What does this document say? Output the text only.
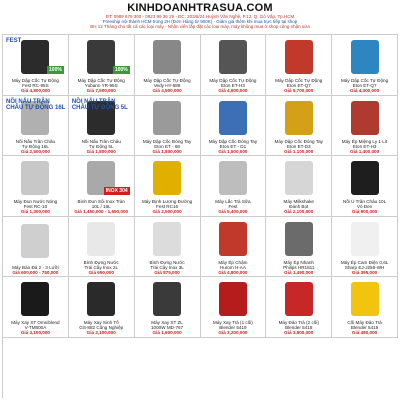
KINHDOANHTRASUA.COM
ĐT: 0989 679 300 - 0923 99 36 29 - ĐC: 203/6/24 Huỳnh Văn Nghệ, P.12, Q. Gò Vấp, Tp.HCM
Freeship nội thành HCM trong 2H (Đơn Hàng từ 900K) - Giảm giá thêm khi mua trực tiếp tại shop
BH 12 Tháng cho tất cả các loại máy - Nhân viên lắp đặt các loại máy, máy không mua ở shop cũng nhận sửa
FEST
100%
Máy Dập Cốc Tự Động
Fest RC-95S
Giá 4,800,000
100%
Máy Dập Cốc Tự Động
Yubann YR-95S
Giá 7,500,000
Máy Dập Cốc Tự Động
Vedy HY-688
Giá 4,500,000
Máy Dập Cốc Tự Động
Eton ET-H3
Giá 4,600,000
Máy Dập Cốc Tự Động
Eton ET-Q7
Giá 5,700,000
Máy Dập Cốc Tự Động
Eton ET-Q7
Giá 4,300,000
NỒI NẤU TRÂN CHÂU TỰ ĐỘNG 16L
Nồi Nấu Trân Châu
Tự Động 16L
Giá 2,500,000
NỒI NẤU TRÂN CHÂU TỰ ĐỘNG 5L
Nồi Nấu Trân Châu
Tự Động 5L
Giá 1,800,000
Máy Dập Cốc Đóng Tay
Eton ET - 68
Giá 1,800,000
Máy Dập Cốc Đóng Tay
Eton ET - D1
Giá 1,500,000
Máy Dập Cốc Đóng Tay
Eton ET-D3
Giá 1,100,000
Máy Ép Miệng Ly 1 Lít
Eton ET-H3
Giá 1,400,000
Máy Đun Nước Nóng
Fest RC-10
Giá 1,300,000
INOX 304
Bình Đun Sôi Inox Tràn
10L / 16L
Giá 1,450,000 - 1,650,000
Máy Định Lượng Đường
Fest RC16
Giá 2,500,000
Máy Lắc Trà Sữa
Fest
Giá 5,400,000
Máy Milkshake
Đánh Bọt
Giá 2,100,000
Nồi Ủ Trân Châu 10L
Vỏ Đen
Giá 900,000
Máy Bào Đá 2 - 3 Lưỡi
Giá 600,000 - 750,000
Bình Đựng Nước
Trái Cây Inox 2L
Giá 650,000
Bình Đựng Nước
Trái Cây Inox 3L
Giá 875,000
Máy Ép Chậm
Hurom H-AA
Giá 4,800,000
Máy Ép Nhanh
Philips HR1811
Giá 1,490,000
Máy Ép Cam Điện 0,6L
Sharp EJ-J256-WH
Giá 395,000
Máy Xay ST Omniblend
V-TM800A
Giá 3,100,000
Máy Xay Sinh Tố
GS-882 Công Nghiệp
Giá 2,100,000
Máy Xay ST ZL
1000W MD-767
Giá 1,600,000
Máy Xay Trà (1 cối)
Blender 5419
Giá 3,200,000
Máy Đảo Trà (2 cối)
Blender 5418
Giá 3,800,000
Cối Máy Đảo Trà
Blender 5419
Giá 480,000
